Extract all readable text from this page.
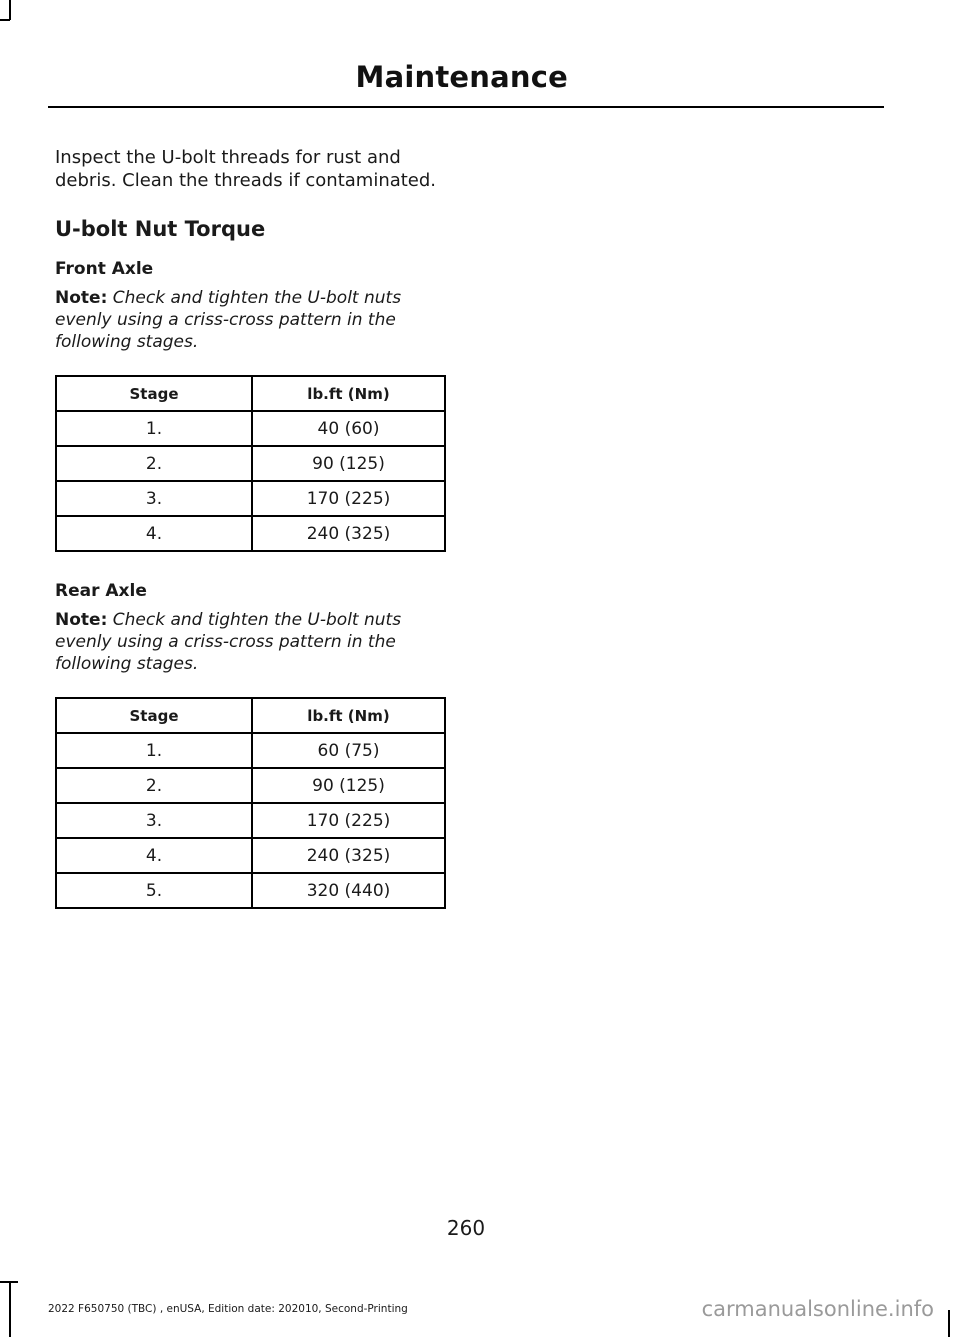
Maintenance

Inspect the U-bolt threads for rust and debris. Clean the threads if contaminated.

U-bolt Nut Torque
Front Axle

Note: Check and tighten the U-bolt nuts evenly using a criss-cross pattern in the following stages.

Stage	lb.ft (Nm)
1.	40 (60)
2.	90 (125)
3.	170 (225)
4.	240 (325)
Rear Axle

Note: Check and tighten the U-bolt nuts evenly using a criss-cross pattern in the following stages.

Stage	lb.ft (Nm)
1.	60 (75)
2.	90 (125)
3.	170 (225)
4.	240 (325)
5.	320 (440)
260
2022 F650750 (TBC) , enUSA, Edition date: 202010, Second-Printing	carmanualsonline.info
